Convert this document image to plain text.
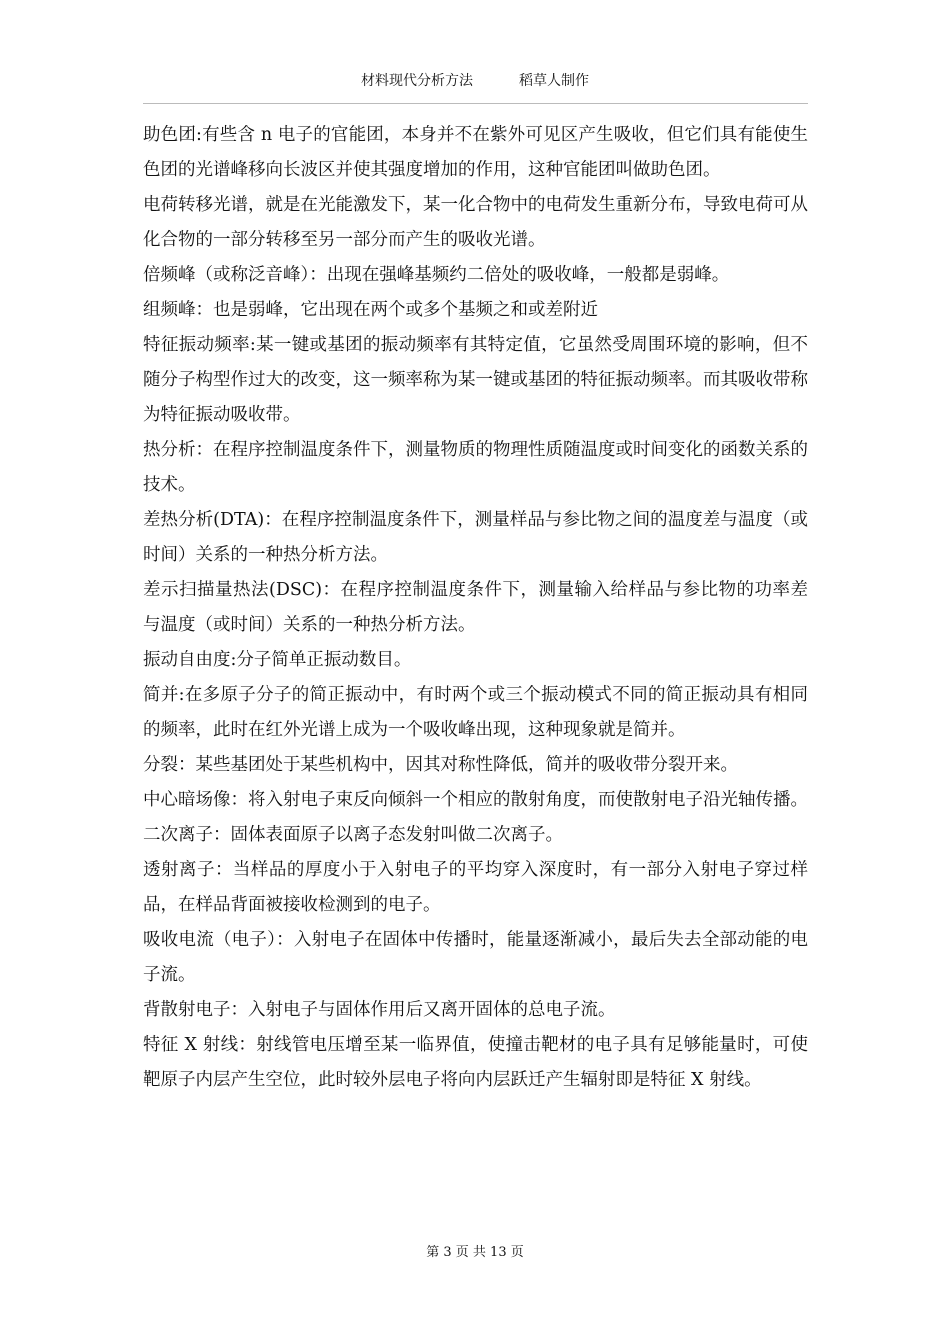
材料现代分析方法	稻草人制作

助色团:有些含 n 电子的官能团，本身并不在紫外可见区产生吸收，但它们具有能使生色团的光谱峰移向长波区并使其强度增加的作用，这种官能团叫做助色团。

电荷转移光谱，就是在光能激发下，某一化合物中的电荷发生重新分布，导致电荷可从化合物的一部分转移至另一部分而产生的吸收光谱。

倍频峰（或称泛音峰）：出现在强峰基频约二倍处的吸收峰，一般都是弱峰。

组频峰：也是弱峰，它出现在两个或多个基频之和或差附近

特征振动频率:某一键或基团的振动频率有其特定值，它虽然受周围环境的影响，但不随分子构型作过大的改变，这一频率称为某一键或基团的特征振动频率。而其吸收带称为特征振动吸收带。

热分析：在程序控制温度条件下，测量物质的物理性质随温度或时间变化的函数关系的技术。

差热分析(DTA)：在程序控制温度条件下，测量样品与参比物之间的温度差与温度（或时间）关系的一种热分析方法。

差示扫描量热法(DSC)：在程序控制温度条件下，测量输入给样品与参比物的功率差与温度（或时间）关系的一种热分析方法。

振动自由度:分子简单正振动数目。

简并:在多原子分子的简正振动中，有时两个或三个振动模式不同的简正振动具有相同的频率，此时在红外光谱上成为一个吸收峰出现，这种现象就是简并。

分裂：某些基团处于某些机构中，因其对称性降低，简并的吸收带分裂开来。

中心暗场像：将入射电子束反向倾斜一个相应的散射角度，而使散射电子沿光轴传播。

二次离子：固体表面原子以离子态发射叫做二次离子。

透射离子：当样品的厚度小于入射电子的平均穿入深度时，有一部分入射电子穿过样品，在样品背面被接收检测到的电子。

吸收电流（电子）：入射电子在固体中传播时，能量逐渐减小，最后失去全部动能的电子流。

背散射电子：入射电子与固体作用后又离开固体的总电子流。

特征 X 射线：射线管电压增至某一临界值，使撞击靶材的电子具有足够能量时，可使靶原子内层产生空位，此时较外层电子将向内层跃迁产生辐射即是特征 X 射线。

第 3 页 共 13 页
